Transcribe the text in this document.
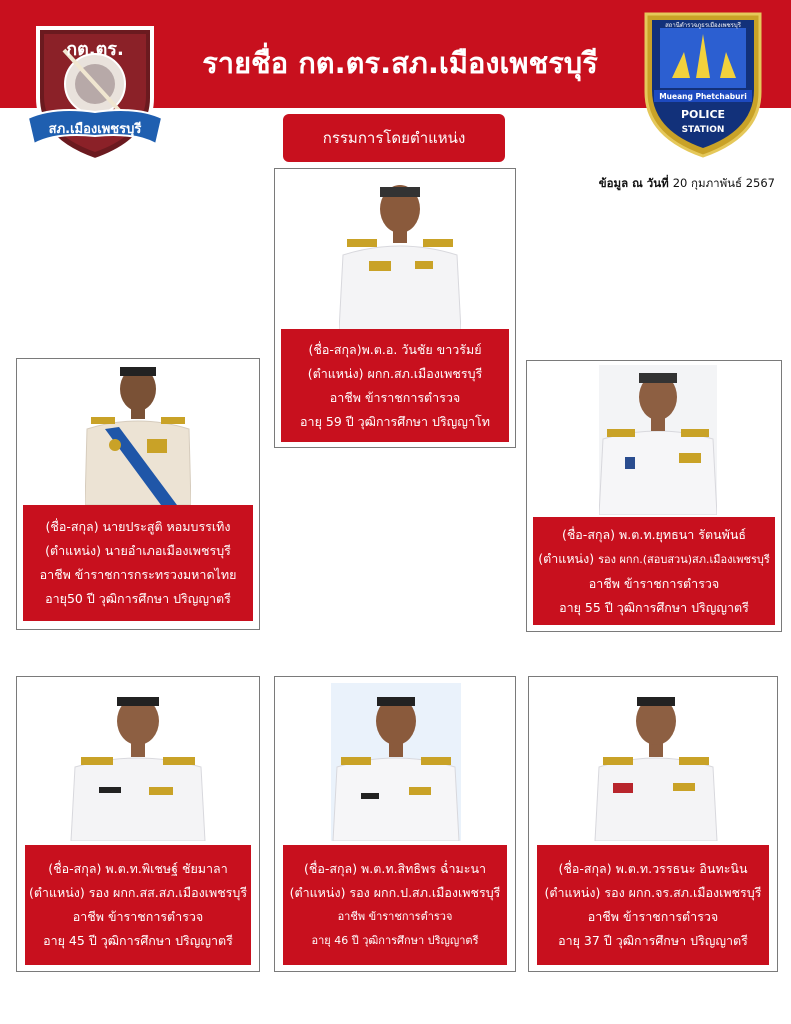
รายชื่อ กต.ตร.สภ.เมืองเพชรบุรี
กต.ตร.
สภ.เมืองเพชรบุรี
สถานีตำรวจภูธรเมืองเพชรบุรี
Mueang Phetchaburi
POLICE
STATION
กรรมการโดยตำแหน่ง
ข้อมูล ณ วันที่ 20 กุมภาพันธ์ 2567
(ชื่อ-สกุล)พ.ต.อ. วันชัย ขาวรัมย์
(ตำแหน่ง) ผกก.สภ.เมืองเพชรบุรี
อาชีพ ข้าราชการตำรวจ
อายุ 59 ปี วุฒิการศึกษา ปริญญาโท
(ชื่อ-สกุล) นายประสูติ หอมบรรเทิง
(ตำแหน่ง) นายอำเภอเมืองเพชรบุรี
อาชีพ ข้าราชการกระทรวงมหาดไทย
อายุ50 ปี วุฒิการศึกษา ปริญญาตรี
(ชื่อ-สกุล) พ.ต.ท.ยุทธนา รัตนพันธ์
(ตำแหน่ง) รอง ผกก.(สอบสวน)สภ.เมืองเพชรบุรี
อาชีพ ข้าราชการตำรวจ
อายุ 55 ปี วุฒิการศึกษา ปริญญาตรี
(ชื่อ-สกุล) พ.ต.ท.พิเชษฐ์ ชัยมาลา
(ตำแหน่ง) รอง ผกก.สส.สภ.เมืองเพชรบุรี
อาชีพ ข้าราชการตำรวจ
อายุ 45 ปี วุฒิการศึกษา ปริญญาตรี
(ชื่อ-สกุล) พ.ต.ท.สิทธิพร ฉ่ำมะนา
(ตำแหน่ง) รอง ผกก.ป.สภ.เมืองเพชรบุรี
อาชีพ ข้าราชการตำรวจ
อายุ 46 ปี วุฒิการศึกษา ปริญญาตรี
(ชื่อ-สกุล) พ.ต.ท.วรรธนะ อินทะนิน
(ตำแหน่ง) รอง ผกก.จร.สภ.เมืองเพชรบุรี
อาชีพ ข้าราชการตำรวจ
อายุ 37 ปี วุฒิการศึกษา ปริญญาตรี
